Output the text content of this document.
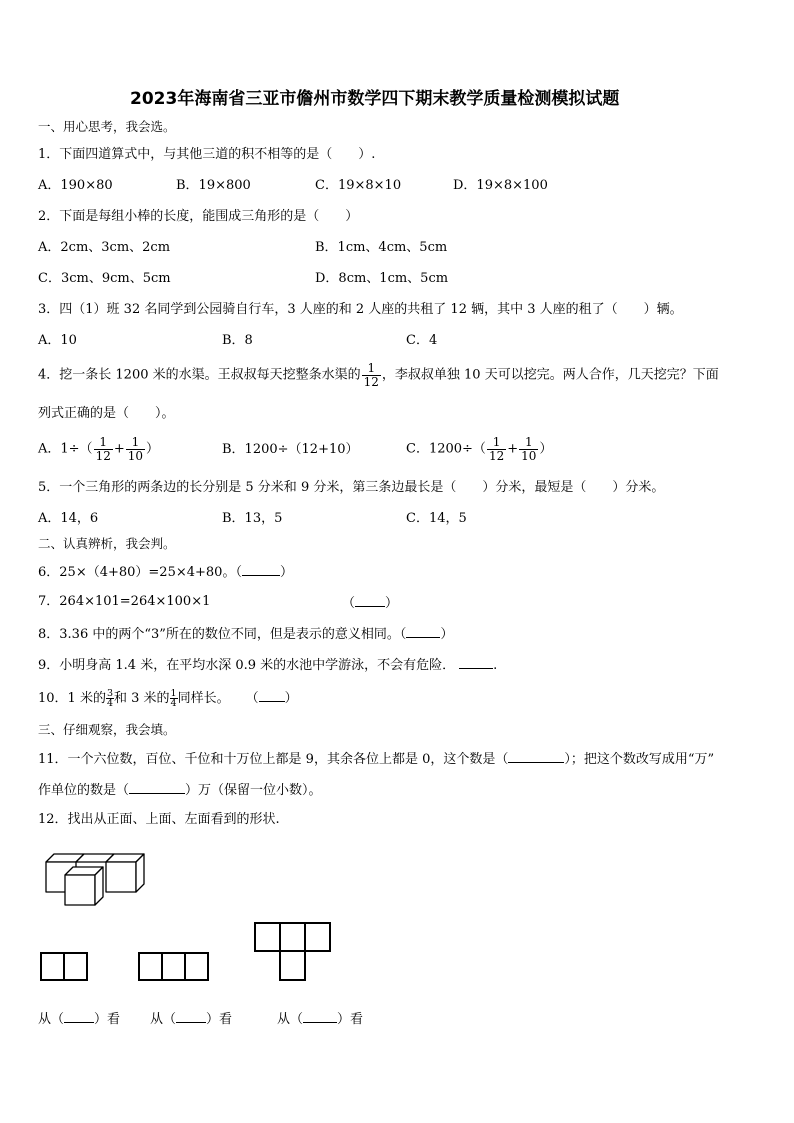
2023年海南省三亚市儋州市数学四下期末教学质量检测模拟试题
一、用心思考，我会选。
1．下面四道算式中，与其他三道的积不相等的是（　　）.
A．190×80	B．19×800	C．19×8×10	D．19×8×100
2．下面是每组小棒的长度，能围成三角形的是（　　）
A．2cm、3cm、2cm	B．1cm、4cm、5cm
C．3cm、9cm、5cm	D．8cm、1cm、5cm
3．四（1）班 32 名同学到公园骑自行车，3 人座的和 2 人座的共租了 12 辆，其中 3 人座的租了（　　）辆。
A．10	B．8	C．4
4．挖一条长 1200 米的水渠。王叔叔每天挖整条水渠的 $\frac{1}{12}$ ，李叔叔单独 10 天可以挖完。两人合作，几天挖完？下面
列式正确的是（　　）。
A．$1\div( \frac{1}{12} + \frac{1}{10}$ ）	B．1200÷（12+10）	C．$1200\div( \frac{1}{12} + \frac{1}{10}$ ）
5．一个三角形的两条边的长分别是 5 分米和 9 分米，第三条边最长是（　　）分米，最短是（　　）分米。
A．14，6	B．13，5	C．14，5
二、认真辨析，我会判。
6．25×（4+80）=25×4+80。（	）
7．264×101=264×100×1	（ ）
8．3.36 中的两个“3”所在的数位不同，但是表示的意义相同。（	）
9．小明身高 1.4 米，在平均水深 0.9 米的水池中学游泳，不会有危险．	.
10．1 米的 $\frac{3}{4}$ 和 3 米的 $\frac{1}{4}$ 同样长。 （ ）
三、仔细观察，我会填。
11．一个六位数，百位、千位和十万位上都是 9，其余各位上都是 0，这个数是（	）；把这个数改写成用“万”
作单位的数是（	）万（保留一位小数）。
12．找出从正面、上面、左面看到的形状.
从（ ）看 从（ ）看	从（	）看
